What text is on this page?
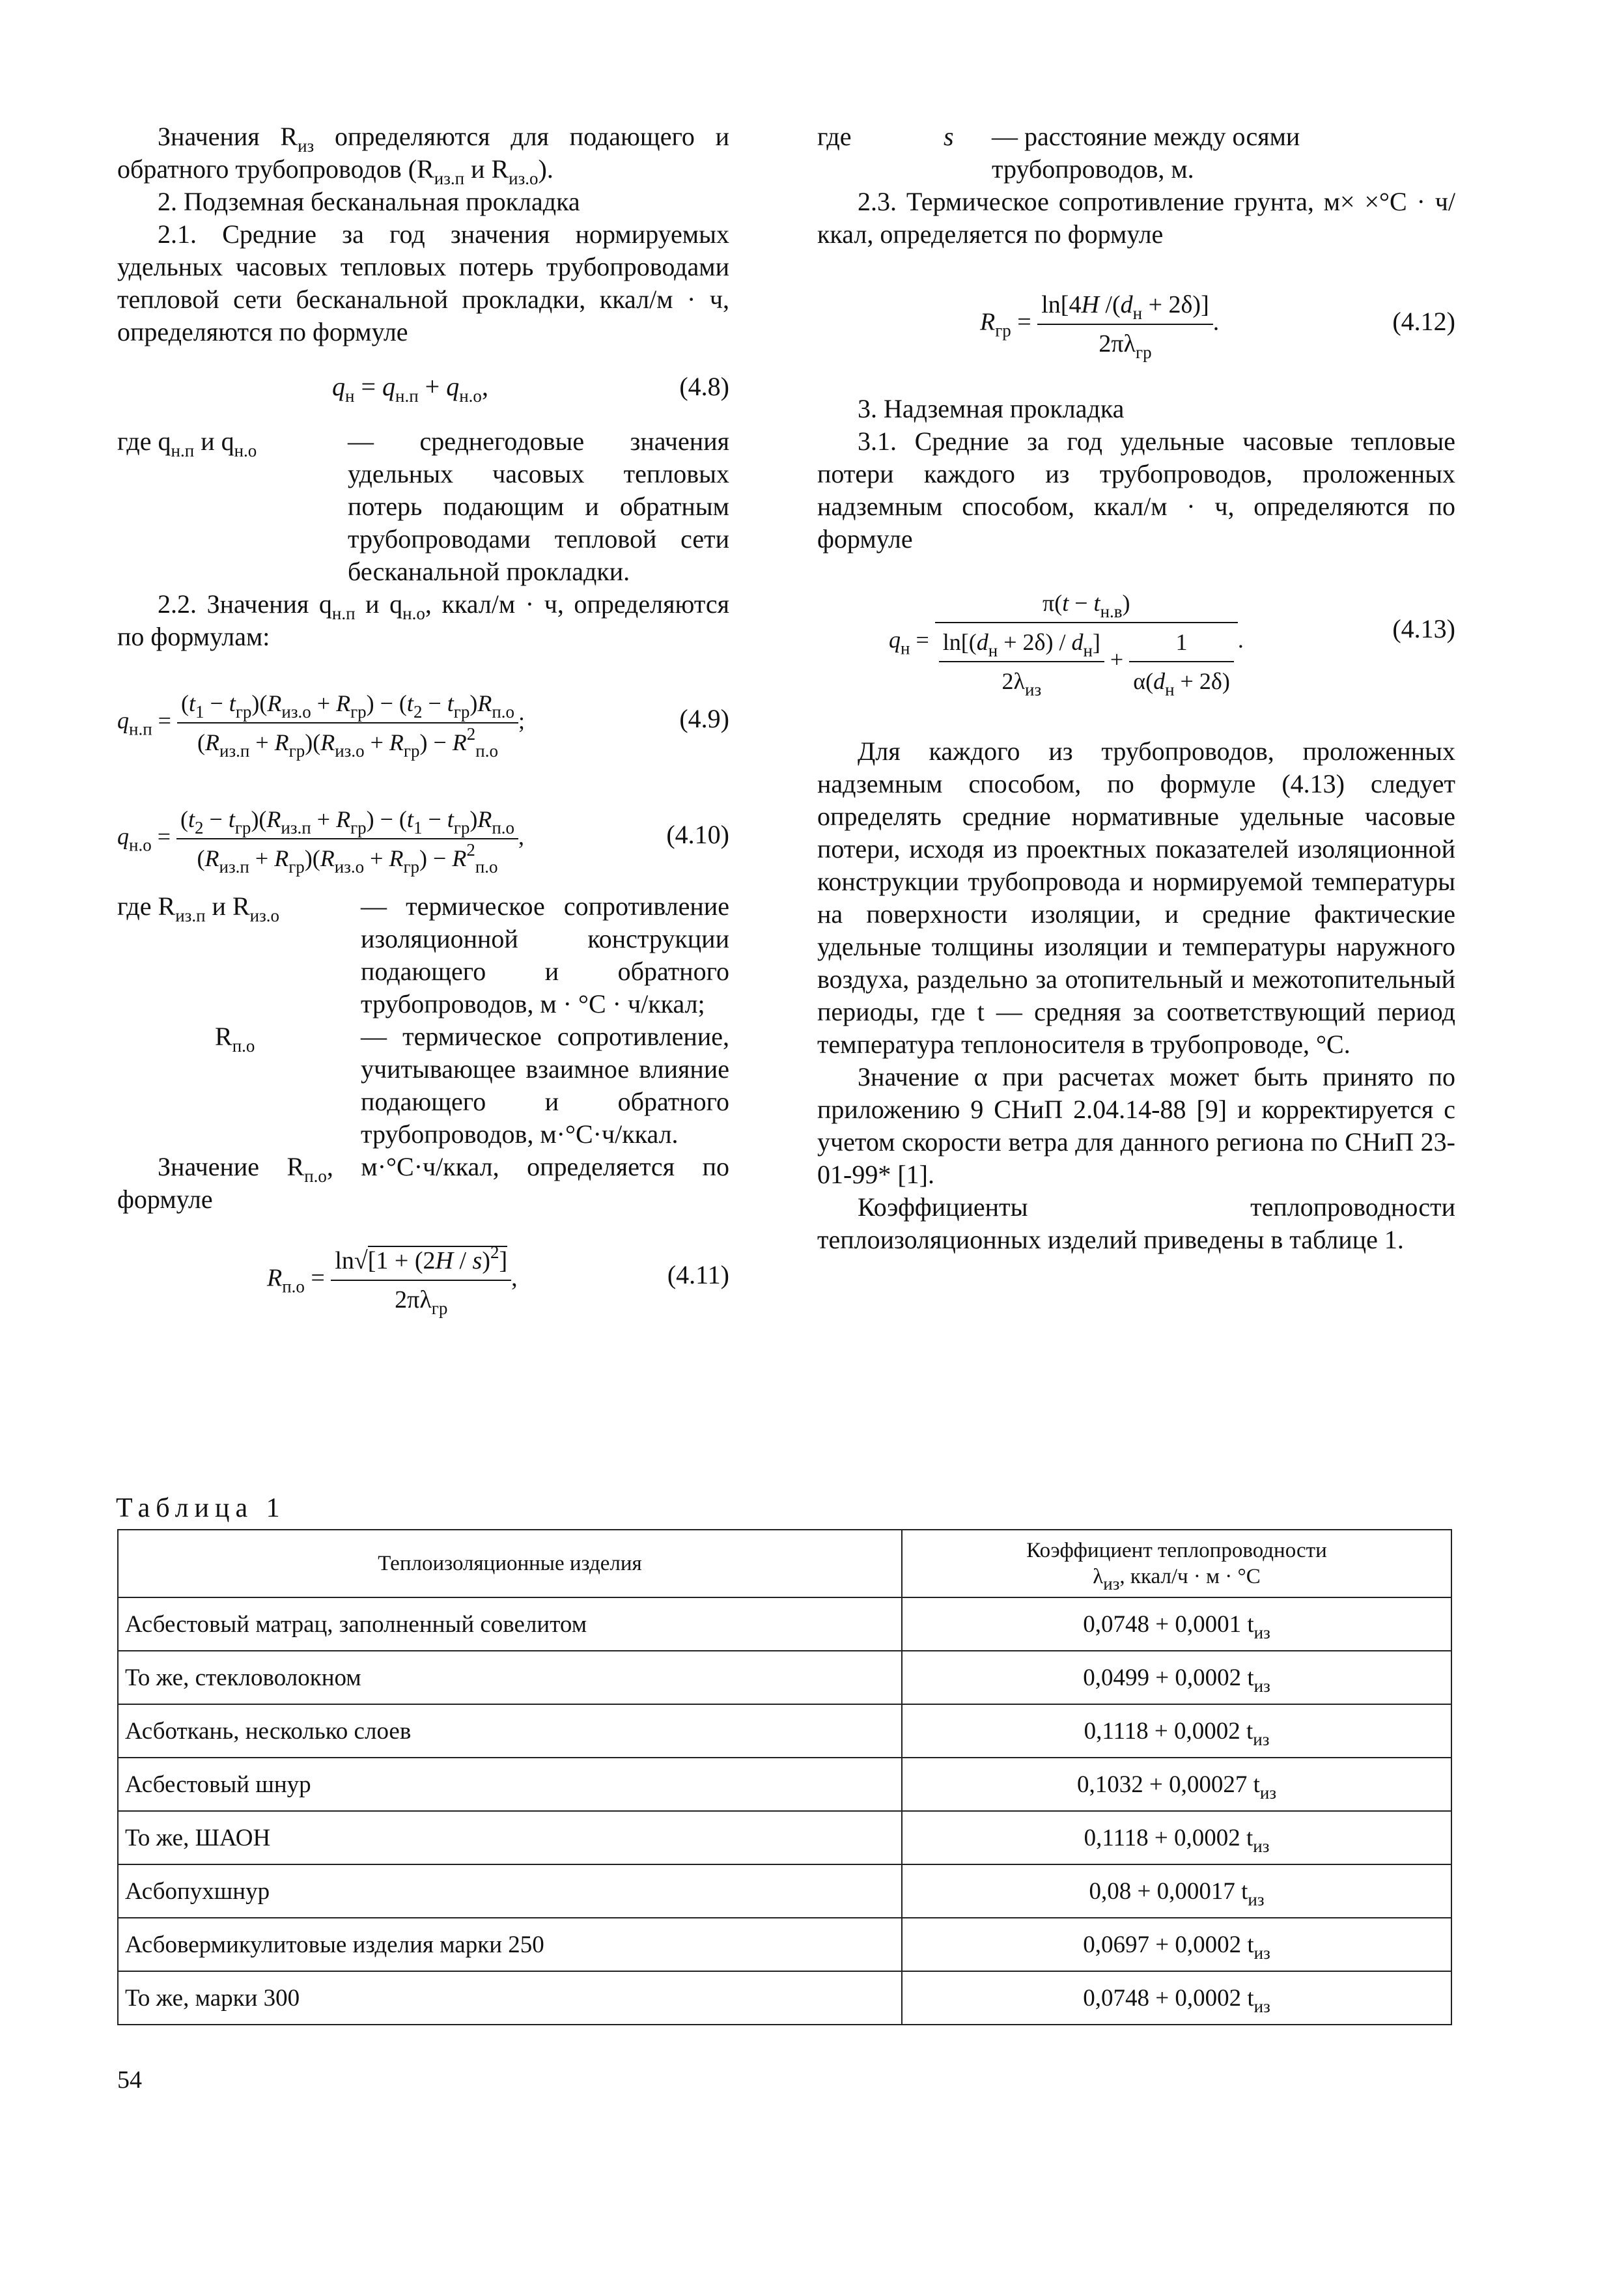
Значения $R_{из}$ определяются для подающего и обратного трубопроводов ($R_{из.п}$ и $R_{из.о}$).

2. Подземная бесканальная прокладка

2.1. Средние за год значения нормируемых удельных часовых тепловых потерь трубопроводами тепловой сети бесканальной прокладки, ккал/м · ч, определяются по формуле

$q_н = q_{н.п} + q_{н.о}$,	(4.8)
где $q_{н.п}$ и $q_{н.о}$	— среднегодовые значения удельных часовых тепловых потерь подающим и обратным трубопроводами тепловой сети бесканальной прокладки.

2.2. Значения $q_{н.п}$ и $q_{н.о}$, ккал/м · ч, определяются по формулам:

$q_{н.п} = \frac{(t_1 - t_{гр})(R_{из.о} + R_{гр}) - (t_2 - t_{гр})R_{п.о}}{(R_{из.п} + R_{гр})(R_{из.о} + R_{гр}) - R^2_{п.о}}$ ;	(4.9)
$q_{н.о} = \frac{(t_2 - t_{гр})(R_{из.п} + R_{гр}) - (t_1 - t_{гр})R_{п.о}}{(R_{из.п} + R_{гр})(R_{из.о} + R_{гр}) - R^2_{п.о}}$ ,	(4.10)
где $R_{из.п}$ и $R_{из.о}$	— термическое сопротивление изоляционной конструкции подающего и обратного трубопроводов, м · °С · ч/ккал;
$R_{п.о}$	— термическое сопротивление, учитывающее взаимное влияние подающего и обратного трубопроводов, м·°С·ч/ккал.

Значение $R_{п.о}$, м·°С·ч/ккал, определяется по формуле

$R_{п.о} = \frac{\ln√[1 + (2H / s)^2]}{2\pi\lambda_{гр}}$ ,	(4.11)
где	s	— расстояние между осями трубопроводов, м.

2.3. Термическое сопротивление грунта, м× ×°С · ч/ккал, определяется по формуле

$R_{гр} = \frac{\ln[4H /(d_н + 2\delta)]}{2\pi\lambda_{гр}}$ .	(4.12)

3. Надземная прокладка

3.1. Средние за год удельные часовые тепловые потери каждого из трубопроводов, проложенных надземным способом, ккал/м · ч, определяются по формуле

$q_н = \frac{\pi(t - t_{н.в})}{\frac{\ln[(d_н + 2\delta) / d_н]}{2\lambda_{из}} + \frac{1}{\alpha(d_н + 2\delta)}}$ .	(4.13)

Для каждого из трубопроводов, проложенных надземным способом, по формуле (4.13) следует определять средние нормативные удельные часовые потери, исходя из проектных показателей изоляционной конструкции трубопровода и нормируемой температуры на поверхности изоляции, и средние фактические удельные толщины изоляции и температуры наружного воздуха, раздельно за отопительный и межотопительный периоды, где t — средняя за соответствующий период температура теплоносителя в трубопроводе, °С.

Значение α при расчетах может быть принято по приложению 9 СНиП 2.04.14-88 [9] и корректируется с учетом скорости ветра для данного региона по СНиП 23-01-99* [1].

Коэффициенты теплопроводности теплоизоляционных изделий приведены в таблице 1.

Таблица 1
Теплоизоляционные изделия	Коэффициент теплопроводности
$\lambda_{из}$, ккал/ч · м · °С

Асбестовый матрац, заполненный совелитом	0,0748 + 0,0001 $t_{из}$
То же, стекловолокном	0,0499 + 0,0002 $t_{из}$
Асботкань, несколько слоев	0,1118 + 0,0002 $t_{из}$
Асбестовый шнур	0,1032 + 0,00027 $t_{из}$
То же, ШАОН	0,1118 + 0,0002 $t_{из}$
Асбопухшнур	0,08 + 0,00017 $t_{из}$
Асбовермикулитовые изделия марки 250	0,0697 + 0,0002 $t_{из}$
То же, марки 300	0,0748 + 0,0002 $t_{из}$
54
